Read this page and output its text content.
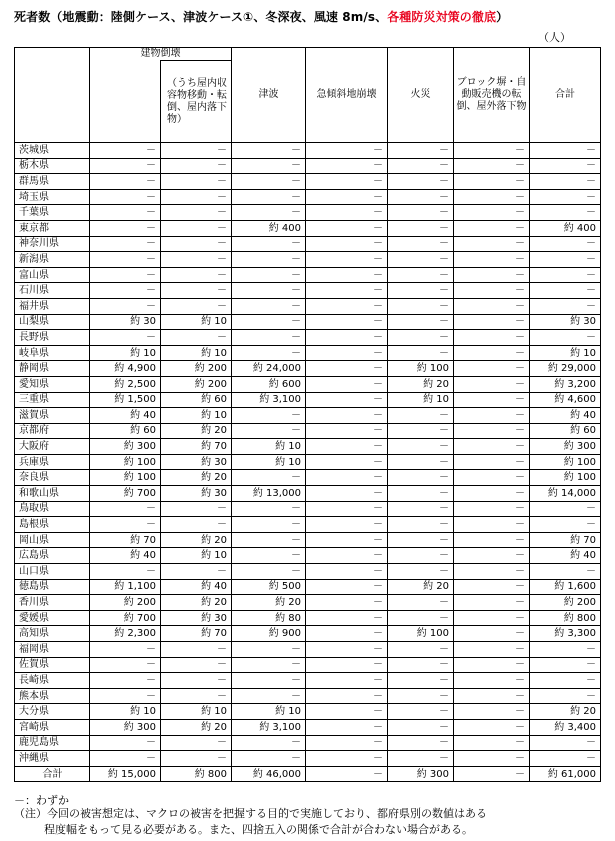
死者数（地震動：陸側ケース、津波ケース①、冬深夜、風速 8m/s、各種防災対策の徹底）
（人）
	建物倒壊		津波	急傾斜地崩壊	火災	ブロック塀・自動販売機の転倒、屋外落下物	合計
		（うち屋内収容物移動・転倒、屋内落下物）					
茨城県	－	－	－	－	－	－	－
栃木県	－	－	－	－	－	－	－
群馬県	－	－	－	－	－	－	－
埼玉県	－	－	－	－	－	－	－
千葉県	－	－	－	－	－	－	－
東京都	－	－	約 400	－	－	－	約 400
神奈川県	－	－	－	－	－	－	－
新潟県	－	－	－	－	－	－	－
富山県	－	－	－	－	－	－	－
石川県	－	－	－	－	－	－	－
福井県	－	－	－	－	－	－	－
山梨県	約 30	約 10	－	－	－	－	約 30
長野県	－	－	－	－	－	－	－
岐阜県	約 10	約 10	－	－	－	－	約 10
静岡県	約 4,900	約 200	約 24,000	－	約 100	－	約 29,000
愛知県	約 2,500	約 200	約 600	－	約 20	－	約 3,200
三重県	約 1,500	約 60	約 3,100	－	約 10	－	約 4,600
滋賀県	約 40	約 10	－	－	－	－	約 40
京都府	約 60	約 20	－	－	－	－	約 60
大阪府	約 300	約 70	約 10	－	－	－	約 300
兵庫県	約 100	約 30	約 10	－	－	－	約 100
奈良県	約 100	約 20	－	－	－	－	約 100
和歌山県	約 700	約 30	約 13,000	－	－	－	約 14,000
鳥取県	－	－	－	－	－	－	－
島根県	－	－	－	－	－	－	－
岡山県	約 70	約 20	－	－	－	－	約 70
広島県	約 40	約 10	－	－	－	－	約 40
山口県	－	－	－	－	－	－	－
徳島県	約 1,100	約 40	約 500	－	約 20	－	約 1,600
香川県	約 200	約 20	約 20	－	－	－	約 200
愛媛県	約 700	約 30	約 80	－	－	－	約 800
高知県	約 2,300	約 70	約 900	－	約 100	－	約 3,300
福岡県	－	－	－	－	－	－	－
佐賀県	－	－	－	－	－	－	－
長崎県	－	－	－	－	－	－	－
熊本県	－	－	－	－	－	－	－
大分県	約 10	約 10	約 10	－	－	－	約 20
宮崎県	約 300	約 20	約 3,100	－	－	－	約 3,400
鹿児島県	－	－	－	－	－	－	－
沖縄県	－	－	－	－	－	－	－
合計	約 15,000	約 800	約 46,000	－	約 300	－	約 61,000
－：わずか
（注）今回の被害想定は、マクロの被害を把握する目的で実施しており、都府県別の数値はある
程度幅をもって見る必要がある。また、四捨五入の関係で合計が合わない場合がある。
